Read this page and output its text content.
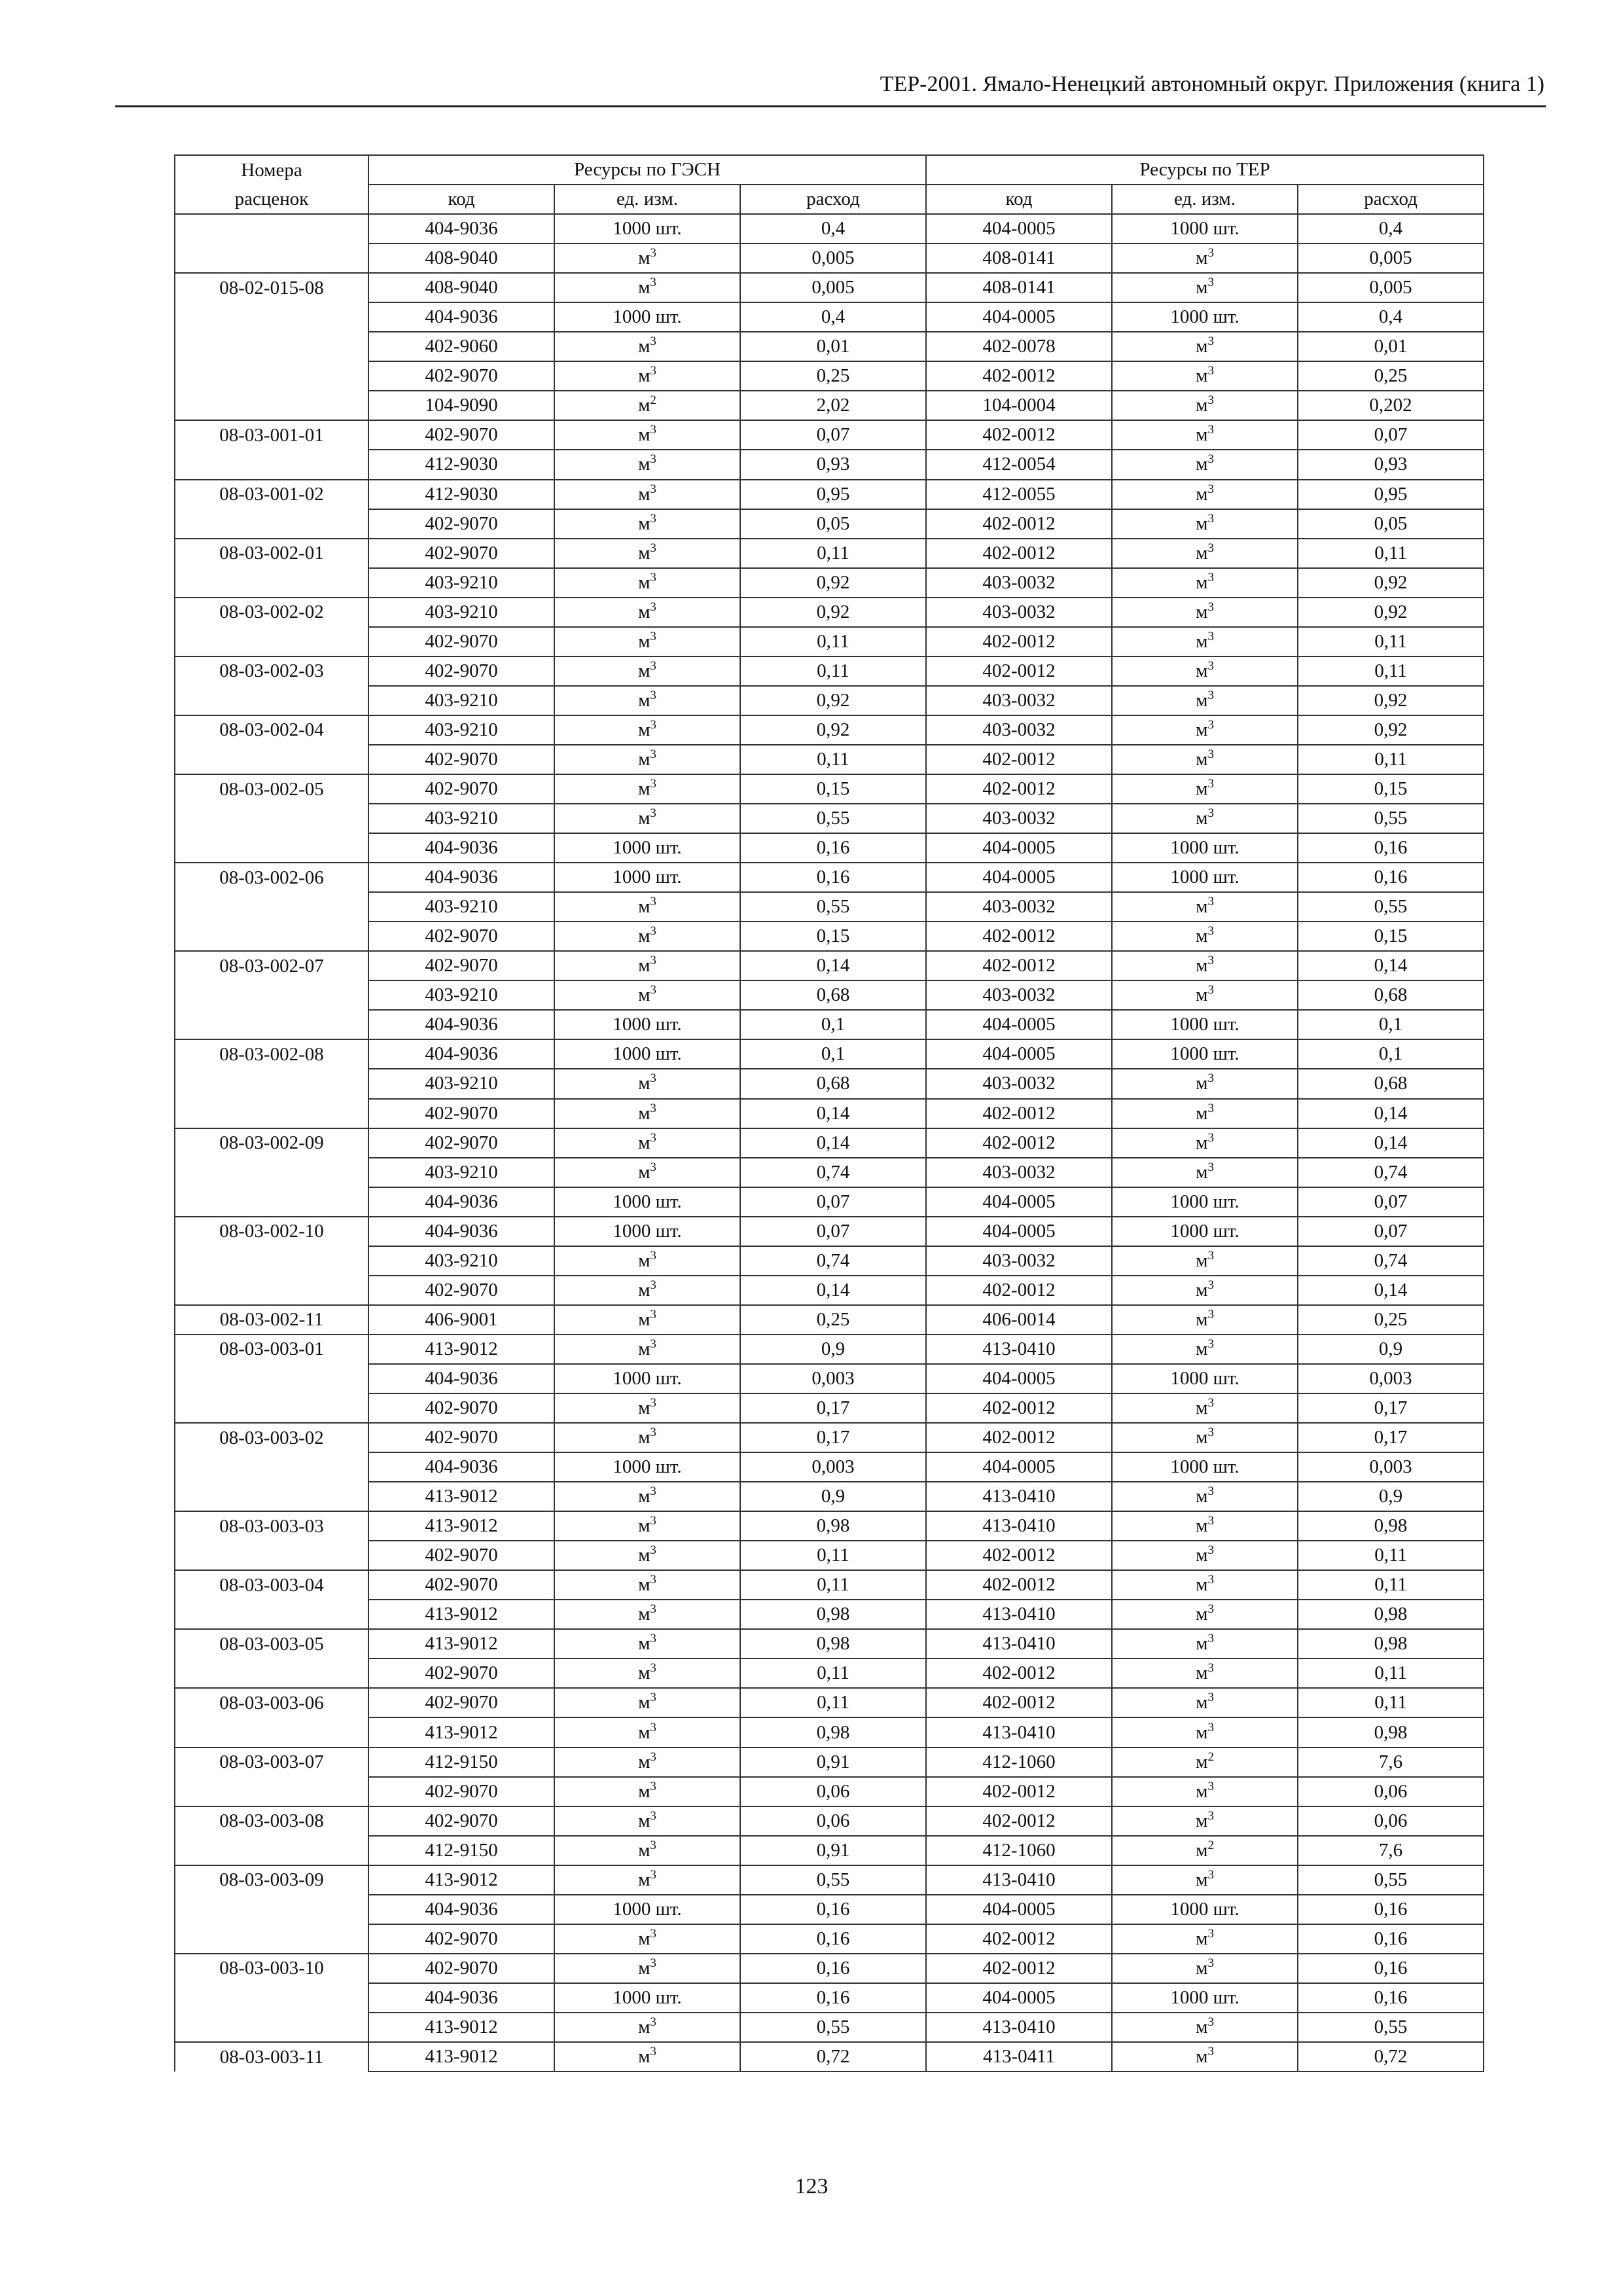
ТЕР-2001. Ямало-Ненецкий автономный округ. Приложения (книга 1)
Номера	Ресурсы по ГЭСН			Ресурсы по ТЕР		
расценок	код	ед. изм.	расход	код	ед. изм.	расход
	404-9036	1000 шт.	0,4	404-0005	1000 шт.	0,4
	408-9040	$м^3$	0,005	408-0141	$м^3$	0,005
08-02-015-08	408-9040	$м^3$	0,005	408-0141	$м^3$	0,005
	404-9036	1000 шт.	0,4	404-0005	1000 шт.	0,4
	402-9060	$м^3$	0,01	402-0078	$м^3$	0,01
	402-9070	$м^3$	0,25	402-0012	$м^3$	0,25
	104-9090	$м^2$	2,02	104-0004	$м^3$	0,202
08-03-001-01	402-9070	$м^3$	0,07	402-0012	$м^3$	0,07
	412-9030	$м^3$	0,93	412-0054	$м^3$	0,93
08-03-001-02	412-9030	$м^3$	0,95	412-0055	$м^3$	0,95
	402-9070	$м^3$	0,05	402-0012	$м^3$	0,05
08-03-002-01	402-9070	$м^3$	0,11	402-0012	$м^3$	0,11
	403-9210	$м^3$	0,92	403-0032	$м^3$	0,92
08-03-002-02	403-9210	$м^3$	0,92	403-0032	$м^3$	0,92
	402-9070	$м^3$	0,11	402-0012	$м^3$	0,11
08-03-002-03	402-9070	$м^3$	0,11	402-0012	$м^3$	0,11
	403-9210	$м^3$	0,92	403-0032	$м^3$	0,92
08-03-002-04	403-9210	$м^3$	0,92	403-0032	$м^3$	0,92
	402-9070	$м^3$	0,11	402-0012	$м^3$	0,11
08-03-002-05	402-9070	$м^3$	0,15	402-0012	$м^3$	0,15
	403-9210	$м^3$	0,55	403-0032	$м^3$	0,55
	404-9036	1000 шт.	0,16	404-0005	1000 шт.	0,16
08-03-002-06	404-9036	1000 шт.	0,16	404-0005	1000 шт.	0,16
	403-9210	$м^3$	0,55	403-0032	$м^3$	0,55
	402-9070	$м^3$	0,15	402-0012	$м^3$	0,15
08-03-002-07	402-9070	$м^3$	0,14	402-0012	$м^3$	0,14
	403-9210	$м^3$	0,68	403-0032	$м^3$	0,68
	404-9036	1000 шт.	0,1	404-0005	1000 шт.	0,1
08-03-002-08	404-9036	1000 шт.	0,1	404-0005	1000 шт.	0,1
	403-9210	$м^3$	0,68	403-0032	$м^3$	0,68
	402-9070	$м^3$	0,14	402-0012	$м^3$	0,14
08-03-002-09	402-9070	$м^3$	0,14	402-0012	$м^3$	0,14
	403-9210	$м^3$	0,74	403-0032	$м^3$	0,74
	404-9036	1000 шт.	0,07	404-0005	1000 шт.	0,07
08-03-002-10	404-9036	1000 шт.	0,07	404-0005	1000 шт.	0,07
	403-9210	$м^3$	0,74	403-0032	$м^3$	0,74
	402-9070	$м^3$	0,14	402-0012	$м^3$	0,14
08-03-002-11	406-9001	$м^3$	0,25	406-0014	$м^3$	0,25
08-03-003-01	413-9012	$м^3$	0,9	413-0410	$м^3$	0,9
	404-9036	1000 шт.	0,003	404-0005	1000 шт.	0,003
	402-9070	$м^3$	0,17	402-0012	$м^3$	0,17
08-03-003-02	402-9070	$м^3$	0,17	402-0012	$м^3$	0,17
	404-9036	1000 шт.	0,003	404-0005	1000 шт.	0,003
	413-9012	$м^3$	0,9	413-0410	$м^3$	0,9
08-03-003-03	413-9012	$м^3$	0,98	413-0410	$м^3$	0,98
	402-9070	$м^3$	0,11	402-0012	$м^3$	0,11
08-03-003-04	402-9070	$м^3$	0,11	402-0012	$м^3$	0,11
	413-9012	$м^3$	0,98	413-0410	$м^3$	0,98
08-03-003-05	413-9012	$м^3$	0,98	413-0410	$м^3$	0,98
	402-9070	$м^3$	0,11	402-0012	$м^3$	0,11
08-03-003-06	402-9070	$м^3$	0,11	402-0012	$м^3$	0,11
	413-9012	$м^3$	0,98	413-0410	$м^3$	0,98
08-03-003-07	412-9150	$м^3$	0,91	412-1060	$м^2$	7,6
	402-9070	$м^3$	0,06	402-0012	$м^3$	0,06
08-03-003-08	402-9070	$м^3$	0,06	402-0012	$м^3$	0,06
	412-9150	$м^3$	0,91	412-1060	$м^2$	7,6
08-03-003-09	413-9012	$м^3$	0,55	413-0410	$м^3$	0,55
	404-9036	1000 шт.	0,16	404-0005	1000 шт.	0,16
	402-9070	$м^3$	0,16	402-0012	$м^3$	0,16
08-03-003-10	402-9070	$м^3$	0,16	402-0012	$м^3$	0,16
	404-9036	1000 шт.	0,16	404-0005	1000 шт.	0,16
	413-9012	$м^3$	0,55	413-0410	$м^3$	0,55
08-03-003-11	413-9012	$м^3$	0,72	413-0411	$м^3$	0,72
123
